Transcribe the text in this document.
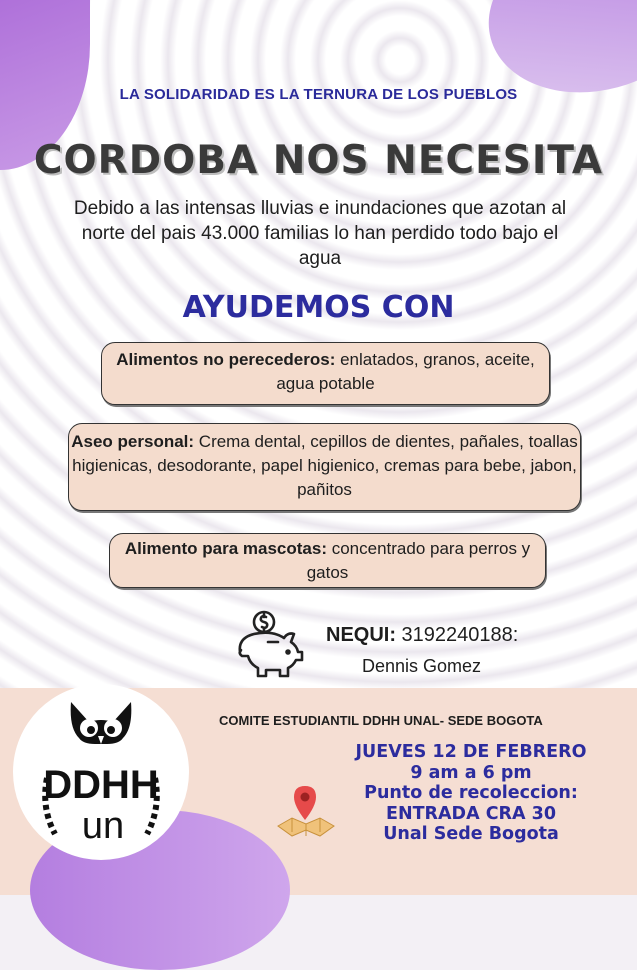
LA SOLIDARIDAD ES LA TERNURA DE LOS PUEBLOS
CORDOBA NOS NECESITA
Debido a las intensas lluvias e inundaciones que azotan al norte del pais 43.000 familias lo han perdido todo bajo el agua
AYUDEMOS CON
Alimentos no perecederos: enlatados, granos, aceite, agua potable
Aseo personal: Crema dental, cepillos de dientes, pañales, toallas higienicas, desodorante, papel higienico, cremas para bebe, jabon, pañitos
Alimento para mascotas: concentrado para perros y gatos
NEQUI: 3192240188:
Dennis Gomez
DDHH
un
COMITE ESTUDIANTIL DDHH UNAL- SEDE BOGOTA
JUEVES 12 DE FEBRERO
9 am a 6 pm
Punto de recoleccion:
ENTRADA CRA 30
Unal Sede Bogota
